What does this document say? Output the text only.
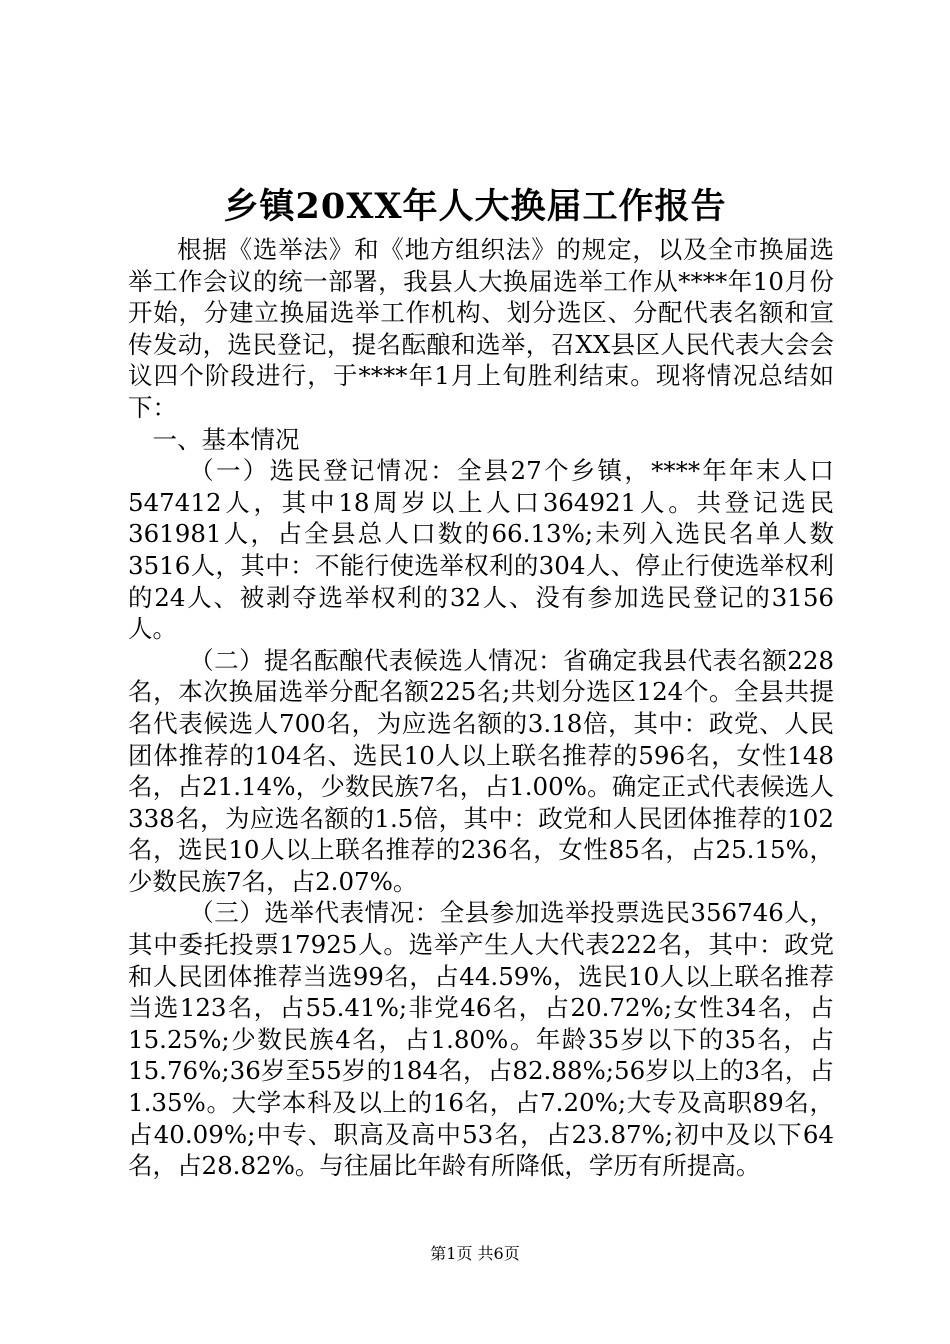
乡镇20XX年人大换届工作报告

根据《选举法》和《地方组织法》的规定，以及全市换届选举工作会议的统一部署，我县人大换届选举工作从****年10月份开始，分建立换届选举工作机构、划分选区、分配代表名额和宣传发动，选民登记，提名酝酿和选举，召XX县区人民代表大会会议四个阶段进行，于****年1月上旬胜利结束。现将情况总结如下：

一、基本情况

（一）选民登记情况：全县27个乡镇，****年年末人口547412人，其中18周岁以上人口364921人。共登记选民361981人，占全县总人口数的66.13%;未列入选民名单人数3516人，其中：不能行使选举权利的304人、停止行使选举权利的24人、被剥夺选举权利的32人、没有参加选民登记的3156人。

（二）提名酝酿代表候选人情况：省确定我县代表名额228名，本次换届选举分配名额225名;共划分选区124个。全县共提名代表候选人700名，为应选名额的3.18倍，其中：政党、人民团体推荐的104名、选民10人以上联名推荐的596名，女性148名，占21.14%，少数民族7名，占1.00%。确定正式代表候选人338名，为应选名额的1.5倍，其中：政党和人民团体推荐的102名，选民10人以上联名推荐的236名，女性85名，占25.15%，少数民族7名，占2.07%。

（三）选举代表情况：全县参加选举投票选民356746人，其中委托投票17925人。选举产生人大代表222名，其中：政党和人民团体推荐当选99名，占44.59%，选民10人以上联名推荐当选123名，占55.41%;非党46名，占20.72%;女性34名，占15.25%;少数民族4名，占1.80%。年龄35岁以下的35名，占15.76%;36岁至55岁的184名，占82.88%;56岁以上的3名，占1.35%。大学本科及以上的16名，占7.20%;大专及高职89名，占40.09%;中专、职高及高中53名，占23.87%;初中及以下64名，占28.82%。与往届比年龄有所降低，学历有所提高。

第1页 共6页
